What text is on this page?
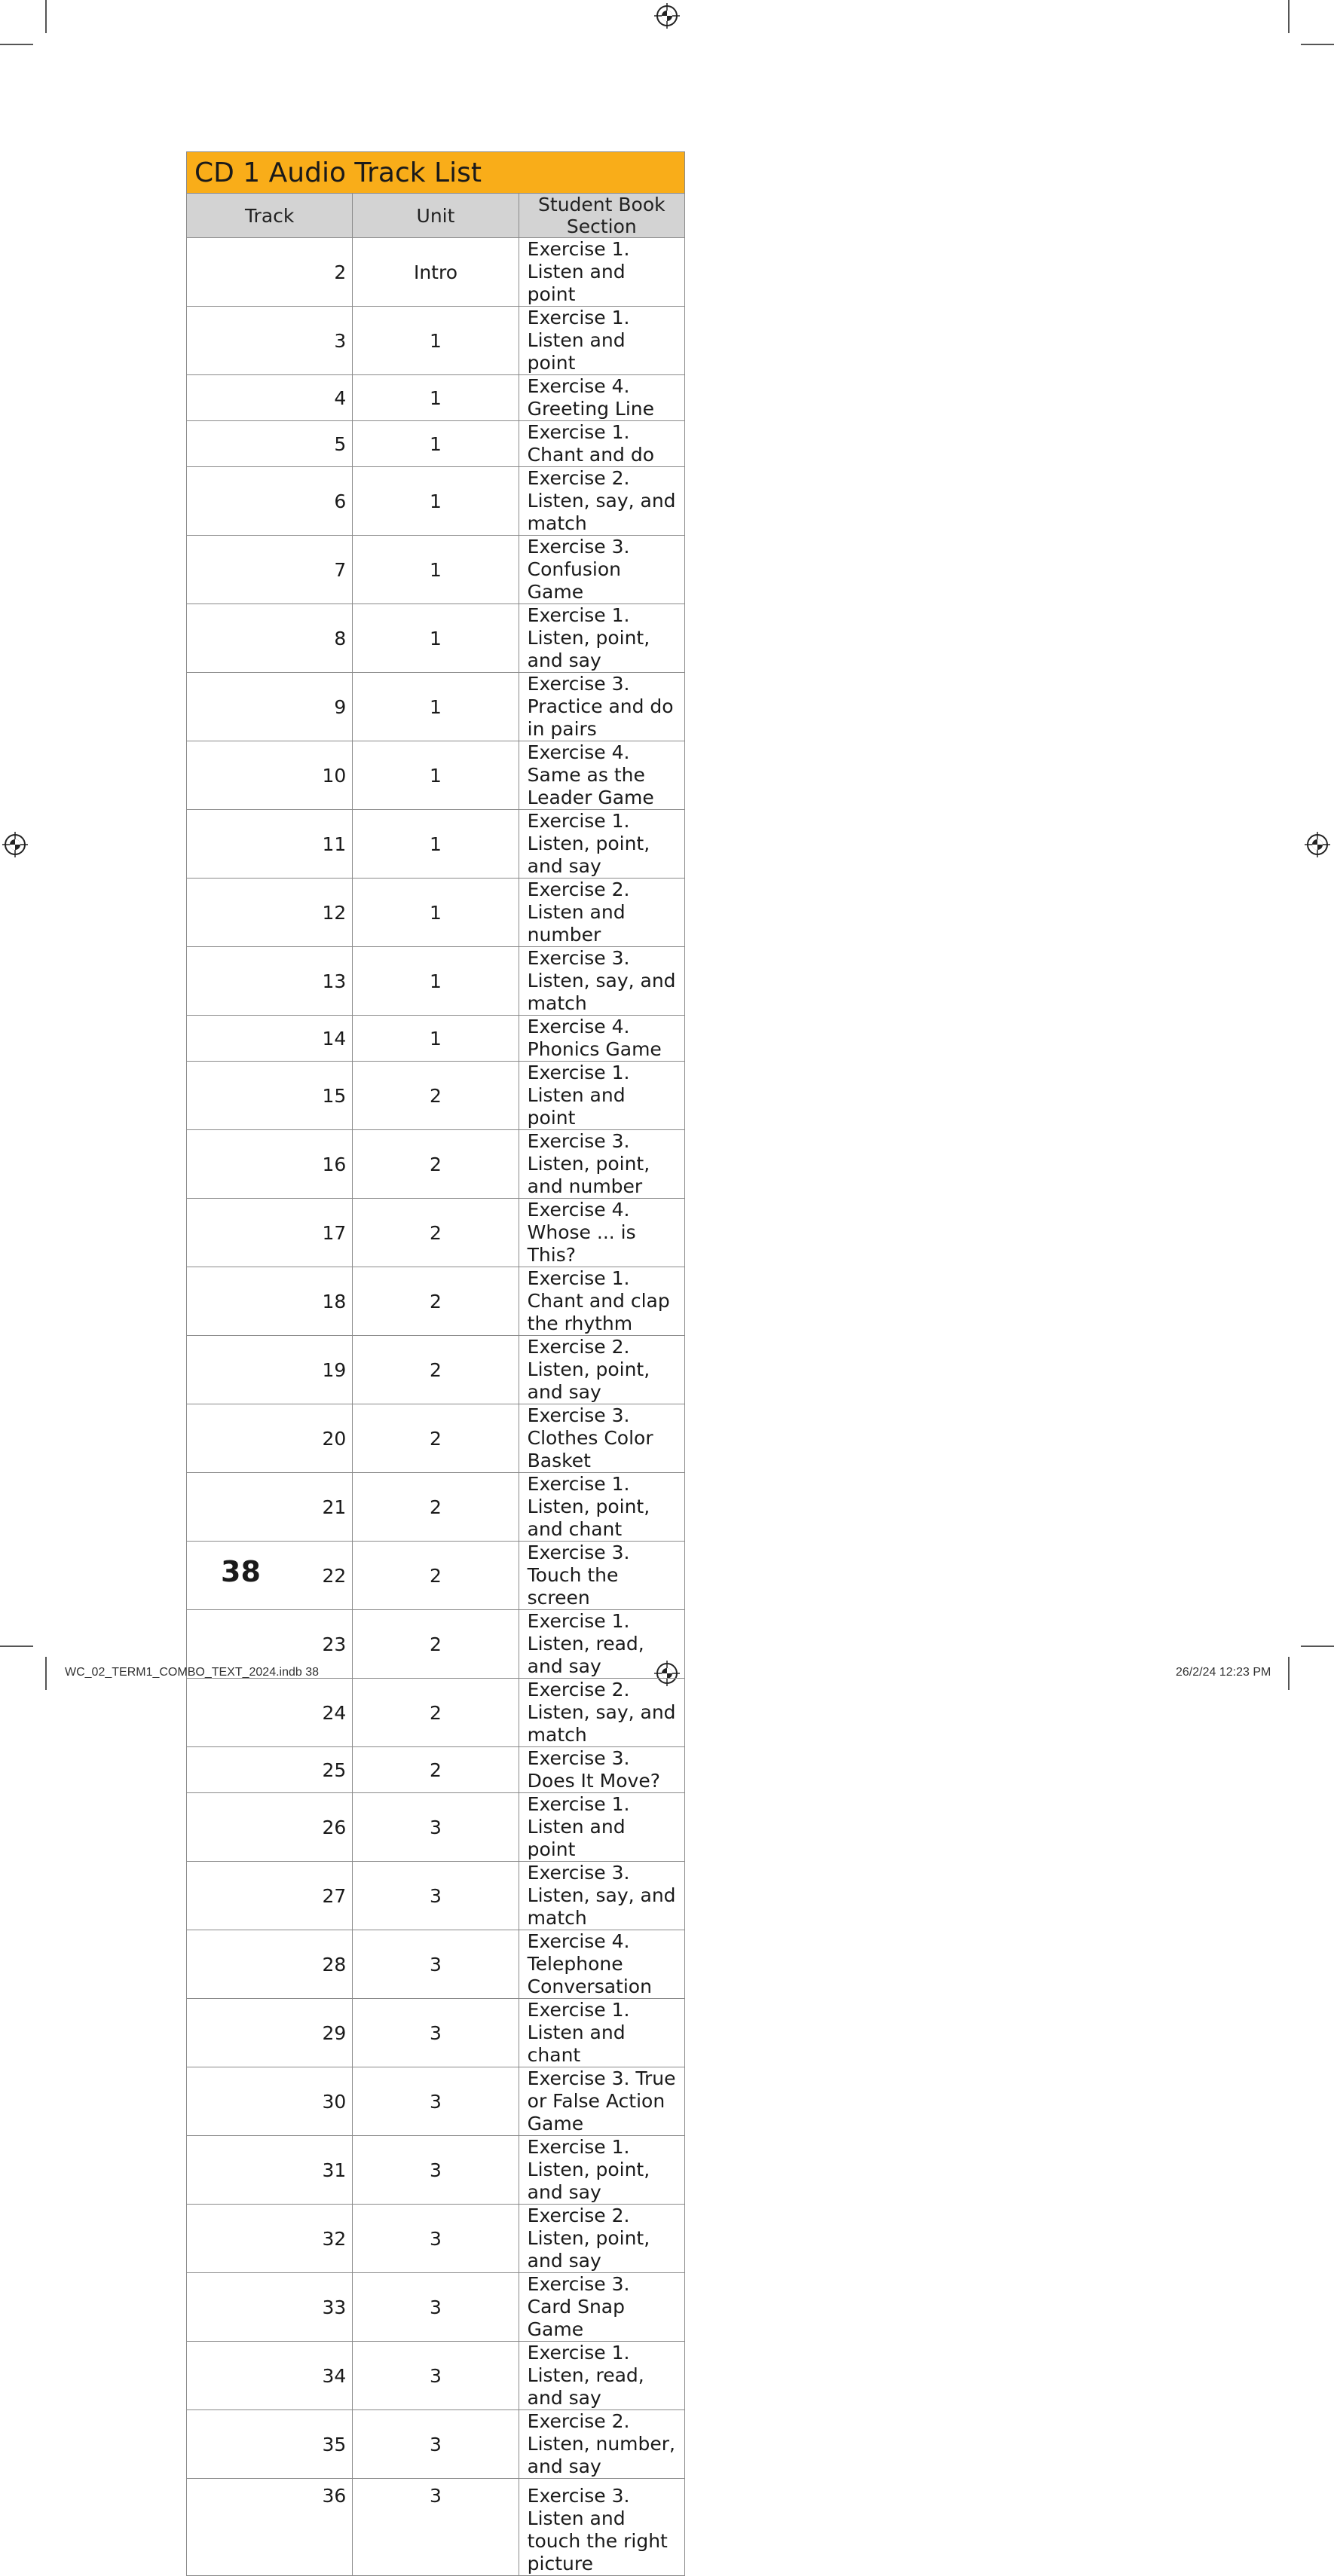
CD 1 Audio Track List		
Track	Unit	Student Book Section
2	Intro	Exercise 1. Listen and point
3	1	Exercise 1. Listen and point
4	1	Exercise 4. Greeting Line
5	1	Exercise 1. Chant and do
6	1	Exercise 2. Listen, say, and match
7	1	Exercise 3. Confusion Game
8	1	Exercise 1. Listen, point, and say
9	1	Exercise 3. Practice and do in pairs
10	1	Exercise 4. Same as the Leader Game
11	1	Exercise 1. Listen, point, and say
12	1	Exercise 2. Listen and number
13	1	Exercise 3. Listen, say, and match
14	1	Exercise 4. Phonics Game
15	2	Exercise 1. Listen and point
16	2	Exercise 3. Listen, point, and number
17	2	Exercise 4. Whose ... is This?
18	2	Exercise 1. Chant and clap the rhythm
19	2	Exercise 2. Listen, point, and say
20	2	Exercise 3. Clothes Color Basket
21	2	Exercise 1. Listen, point, and chant
22	2	Exercise 3. Touch the screen
23	2	Exercise 1. Listen, read, and say
24	2	Exercise 2. Listen, say, and match
25	2	Exercise 3. Does It Move?
26	3	Exercise 1. Listen and point
27	3	Exercise 3. Listen, say, and match
28	3	Exercise 4. Telephone Conversation
29	3	Exercise 1. Listen and chant
30	3	Exercise 3. True or False Action Game
31	3	Exercise 1. Listen, point, and say
32	3	Exercise 2. Listen, point, and say
33	3	Exercise 3. Card Snap Game
34	3	Exercise 1. Listen, read, and say
35	3	Exercise 2. Listen, number, and say
36	3	Exercise 3. Listen and touch the right picture
38
WC_02_TERM1_COMBO_TEXT_2024.indb 38	26/2/24 12:23 PM
